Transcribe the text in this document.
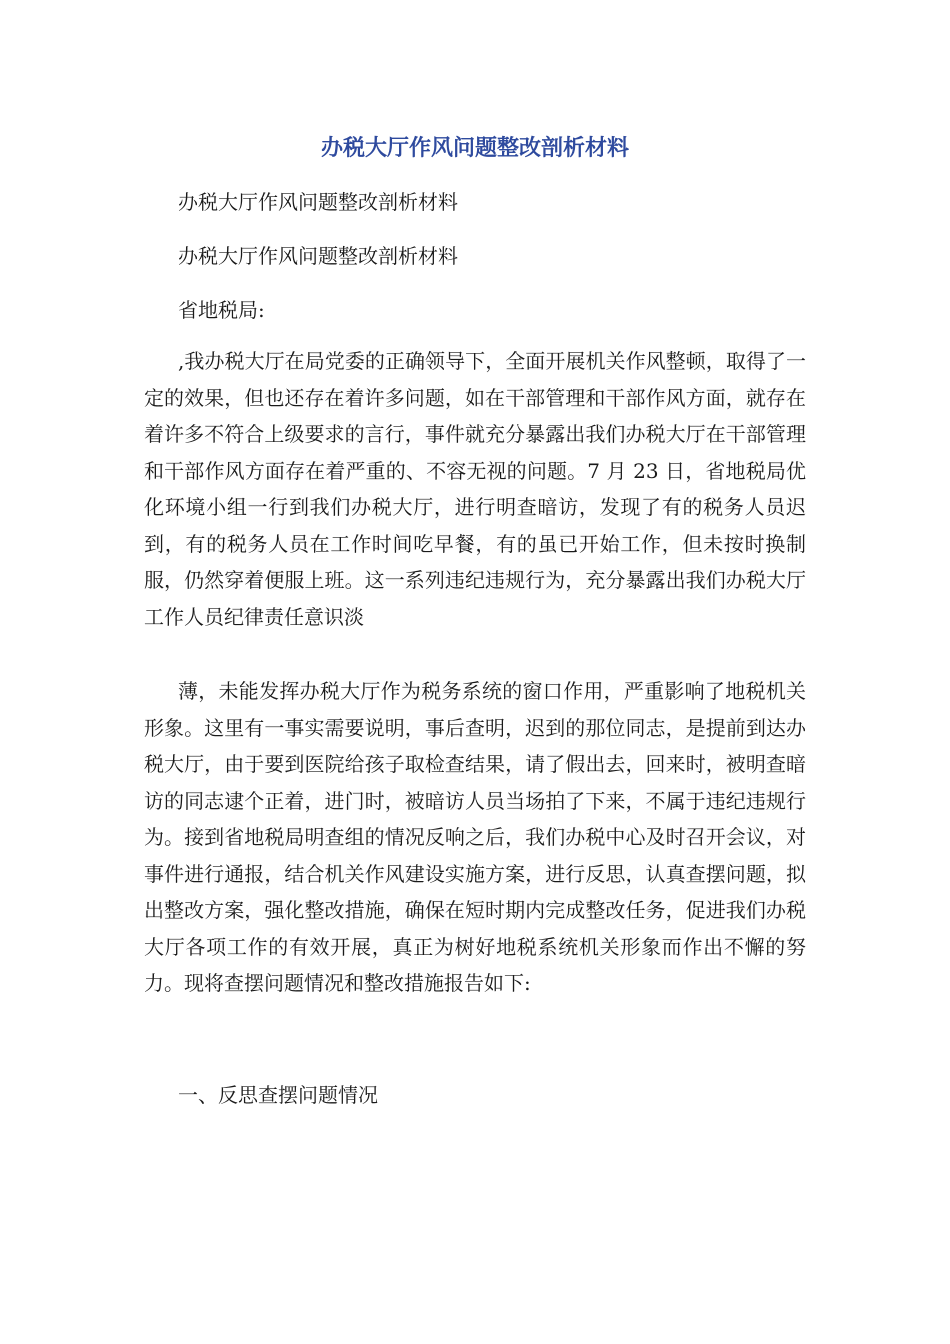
办税大厅作风问题整改剖析材料

办税大厅作风问题整改剖析材料

办税大厅作风问题整改剖析材料

省地税局:

,我办税大厅在局党委的正确领导下，全面开展机关作风整顿，取得了一定的效果，但也还存在着许多问题，如在干部管理和干部作风方面，就存在着许多不符合上级要求的言行，事件就充分暴露出我们办税大厅在干部管理和干部作风方面存在着严重的、不容无视的问题。7 月 23 日，省地税局优化环境小组一行到我们办税大厅，进行明查暗访，发现了有的税务人员迟到，有的税务人员在工作时间吃早餐，有的虽已开始工作，但未按时换制服，仍然穿着便服上班。这一系列违纪违规行为，充分暴露出我们办税大厅工作人员纪律责任意识淡

薄，未能发挥办税大厅作为税务系统的窗口作用，严重影响了地税机关形象。这里有一事实需要说明，事后查明，迟到的那位同志，是提前到达办税大厅，由于要到医院给孩子取检查结果，请了假出去，回来时，被明查暗访的同志逮个正着，进门时，被暗访人员当场拍了下来，不属于违纪违规行为。接到省地税局明查组的情况反响之后，我们办税中心及时召开会议，对事件进行通报，结合机关作风建设实施方案，进行反思，认真查摆问题，拟出整改方案，强化整改措施，确保在短时期内完成整改任务，促进我们办税大厅各项工作的有效开展，真正为树好地税系统机关形象而作出不懈的努力。现将查摆问题情况和整改措施报告如下:

一、反思查摆问题情况
